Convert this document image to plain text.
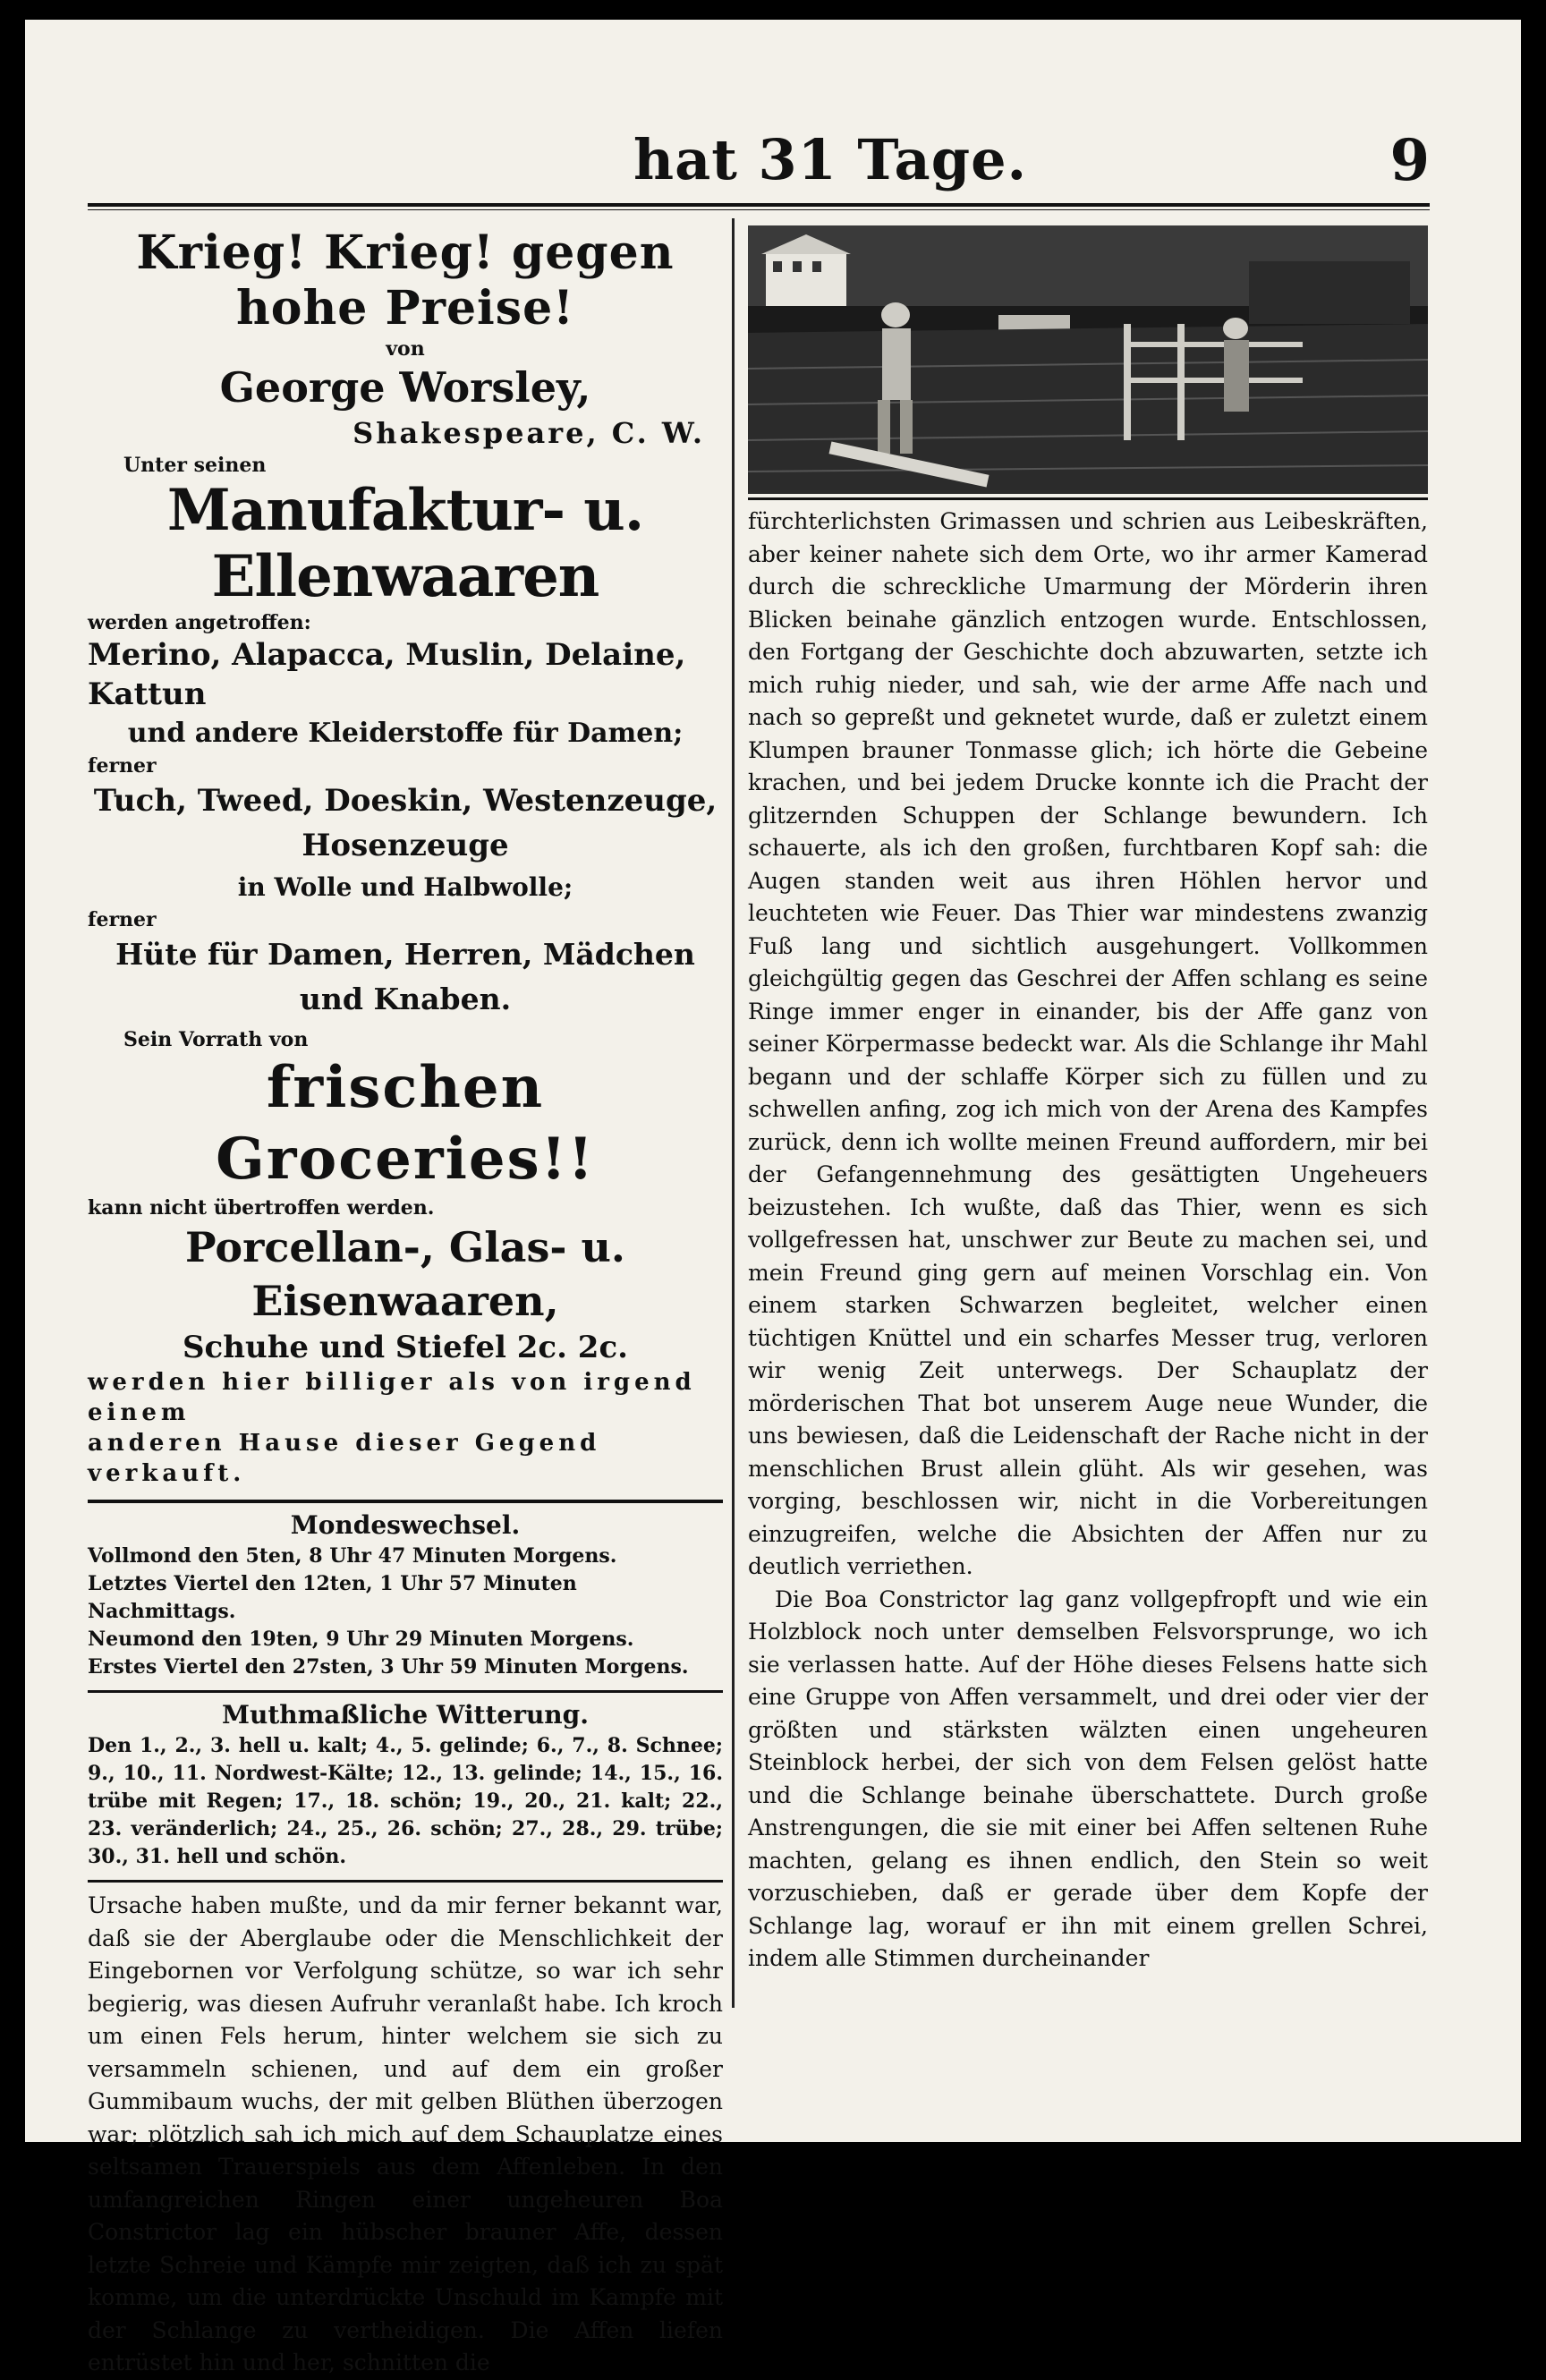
hat 31 Tage.	9
Krieg! Krieg! gegen hohe Preise!
von
George Worsley,
Shakespeare, C. W.
Unter seinen
Manufaktur- u. Ellenwaaren
werden angetroffen:
Merino, Alapacca, Muslin, Delaine, Kattun
und andere Kleiderstoffe für Damen;
ferner
Tuch, Tweed, Doeskin, Westenzeuge, Hosenzeuge
in Wolle und Halbwolle;
ferner
Hüte für Damen, Herren, Mädchen und Knaben.
Sein Vorrath von
frischen Groceries!!
kann nicht übertroffen werden.
Porcellan-, Glas- u. Eisenwaaren,
Schuhe und Stiefel 2c. 2c.
werden hier billiger als von irgend einem
anderen Hause dieser Gegend verkauft.
Mondeswechsel.
Vollmond den 5ten, 8 Uhr 47 Minuten Morgens.
Letztes Viertel den 12ten, 1 Uhr 57 Minuten Nachmittags.
Neumond den 19ten, 9 Uhr 29 Minuten Morgens.
Erstes Viertel den 27sten, 3 Uhr 59 Minuten Morgens.
Muthmaßliche Witterung.
Den 1., 2., 3. hell u. kalt; 4., 5. gelinde; 6., 7., 8. Schnee; 9., 10., 11. Nordwest-Kälte; 12., 13. gelinde; 14., 15., 16. trübe mit Regen; 17., 18. schön; 19., 20., 21. kalt; 22., 23. veränderlich; 24., 25., 26. schön; 27., 28., 29. trübe; 30., 31. hell und schön.

Ursache haben mußte, und da mir ferner bekannt war, daß sie der Aberglaube oder die Menschlichkeit der Eingebornen vor Verfolgung schütze, so war ich sehr begierig, was diesen Aufruhr veranlaßt habe. Ich kroch um einen Fels herum, hinter welchem sie sich zu versammeln schienen, und auf dem ein großer Gummibaum wuchs, der mit gelben Blüthen überzogen war; plötzlich sah ich mich auf dem Schauplatze eines seltsamen Trauerspiels aus dem Affenleben. In den umfangreichen Ringen einer ungeheuren Boa Constrictor lag ein hübscher brauner Affe, dessen letzte Schreie und Kämpfe mir zeigten, daß ich zu spät komme, um die unterdrückte Unschuld im Kampfe mit der Schlange zu vertheidigen. Die Affen liefen entrüstet hin und her, schnitten die

fürchterlichsten Grimassen und schrien aus Leibeskräften, aber keiner nahete sich dem Orte, wo ihr armer Kamerad durch die schreckliche Umarmung der Mörderin ihren Blicken beinahe gänzlich entzogen wurde. Entschlossen, den Fortgang der Geschichte doch abzuwarten, setzte ich mich ruhig nieder, und sah, wie der arme Affe nach und nach so gepreßt und geknetet wurde, daß er zuletzt einem Klumpen brauner Tonmasse glich; ich hörte die Gebeine krachen, und bei jedem Drucke konnte ich die Pracht der glitzernden Schuppen der Schlange bewundern. Ich schauerte, als ich den großen, furchtbaren Kopf sah: die Augen standen weit aus ihren Höhlen hervor und leuchteten wie Feuer. Das Thier war mindestens zwanzig Fuß lang und sichtlich ausgehungert. Vollkommen gleichgültig gegen das Geschrei der Affen schlang es seine Ringe immer enger in einander, bis der Affe ganz von seiner Körpermasse bedeckt war. Als die Schlange ihr Mahl begann und der schlaffe Körper sich zu füllen und zu schwellen anfing, zog ich mich von der Arena des Kampfes zurück, denn ich wollte meinen Freund auffordern, mir bei der Gefangennehmung des gesättigten Ungeheuers beizustehen. Ich wußte, daß das Thier, wenn es sich vollgefressen hat, unschwer zur Beute zu machen sei, und mein Freund ging gern auf meinen Vorschlag ein. Von einem starken Schwarzen begleitet, welcher einen tüchtigen Knüttel und ein scharfes Messer trug, verloren wir wenig Zeit unterwegs. Der Schauplatz der mörderischen That bot unserem Auge neue Wunder, die uns bewiesen, daß die Leidenschaft der Rache nicht in der menschlichen Brust allein glüht. Als wir gesehen, was vorging, beschlossen wir, nicht in die Vorbereitungen einzugreifen, welche die Absichten der Affen nur zu deutlich verriethen.

Die Boa Constrictor lag ganz vollgepfropft und wie ein Holzblock noch unter demselben Felsvorsprunge, wo ich sie verlassen hatte. Auf der Höhe dieses Felsens hatte sich eine Gruppe von Affen versammelt, und drei oder vier der größten und stärksten wälzten einen ungeheuren Steinblock herbei, der sich von dem Felsen gelöst hatte und die Schlange beinahe überschattete. Durch große Anstrengungen, die sie mit einer bei Affen seltenen Ruhe machten, gelang es ihnen endlich, den Stein so weit vorzuschieben, daß er gerade über dem Kopfe der Schlange lag, worauf er ihn mit einem grellen Schrei, indem alle Stimmen durcheinander
